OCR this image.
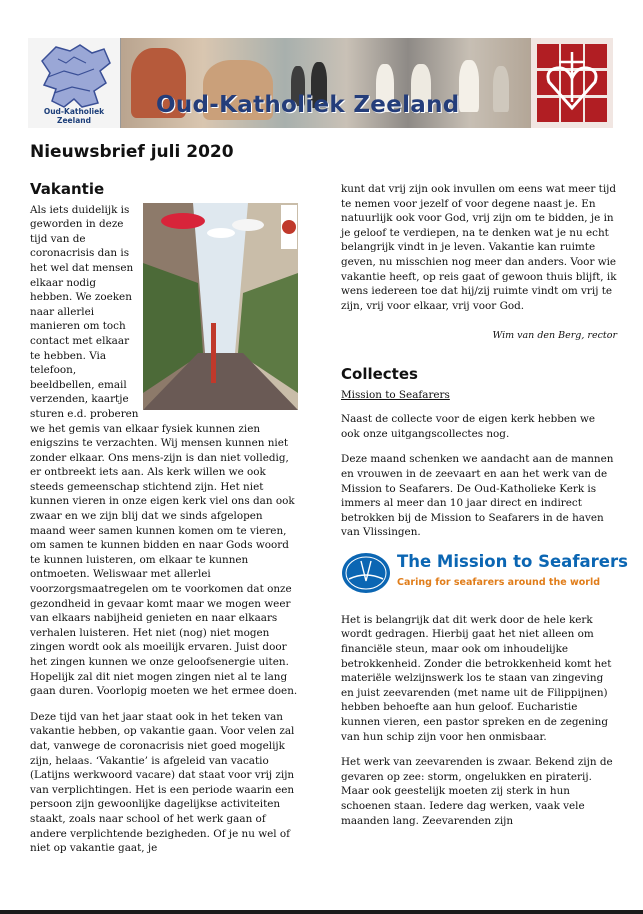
Oud-Katholiek Zeeland
Oud-Katholiek Zeeland
Nieuwsbrief juli 2020
Vakantie

Als iets duidelijk is geworden in deze tijd van de coronacrisis dan is het wel dat mensen elkaar nodig hebben. We zoeken naar allerlei manieren om toch contact met elkaar te hebben. Via telefoon, beeldbellen, email verzenden, kaartje sturen e.d. proberen we het gemis van elkaar fysiek kunnen zien enigszins te verzachten. Wij mensen kunnen niet zonder elkaar. Ons mens-zijn is dan niet volledig, er ontbreekt iets aan. Als kerk willen we ook steeds gemeenschap stichtend zijn. Het niet kunnen vieren in onze eigen kerk viel ons dan ook zwaar en we zijn blij dat we sinds afgelopen maand weer samen kunnen komen om te vieren, om samen te kunnen bidden en naar Gods woord te kunnen luisteren, om elkaar te kunnen ontmoeten. Weliswaar met allerlei voorzorgsmaatregelen om te voorkomen dat onze gezondheid in gevaar komt maar we mogen weer van elkaars nabijheid genieten en naar elkaars verhalen luisteren. Het niet (nog) niet mogen zingen wordt ook als moeilijk ervaren. Juist door het zingen kunnen we onze geloofsenergie uiten. Hopelijk zal dit niet mogen zingen niet al te lang gaan duren. Voorlopig moeten we het ermee doen.

Deze tijd van het jaar staat ook in het teken van vakantie hebben, op vakantie gaan. Voor velen zal dat, vanwege de coronacrisis niet goed mogelijk zijn, helaas. ‘Vakantie’ is afgeleid van vacatio (Latijns werkwoord vacare) dat staat voor vrij zijn van verplichtingen. Het is een periode waarin een persoon zijn gewoonlijke dagelijkse activiteiten staakt, zoals naar school of het werk gaan of andere verplichtende bezigheden. Of je nu wel of niet op vakantie gaat, je

kunt dat vrij zijn ook invullen om eens wat meer tijd te nemen voor jezelf of voor degene naast je. En natuurlijk ook voor God, vrij zijn om te bidden, je in je geloof te verdiepen, na te denken wat je nu echt belangrijk vindt in je leven. Vakantie kan ruimte geven, nu misschien nog meer dan anders. Voor wie vakantie heeft, op reis gaat of gewoon thuis blijft, ik wens iedereen toe dat hij/zij ruimte vindt om vrij te zijn, vrij voor elkaar, vrij voor God.

Wim van den Berg, rector
Collectes
Mission to Seafarers

Naast de collecte voor de eigen kerk hebben we ook onze uitgangscollectes nog.

Deze maand schenken we aandacht aan de mannen en vrouwen in de zeevaart en aan het werk van de Mission to Seafarers. De Oud-Katholieke Kerk is immers al meer dan 10 jaar direct en indirect betrokken bij de Mission to Seafarers in de haven van Vlissingen.

The Mission to Seafarers
Caring for seafarers around the world

Het is belangrijk dat dit werk door de hele kerk wordt gedragen. Hierbij gaat het niet alleen om financiële steun, maar ook om inhoudelijke betrokkenheid. Zonder die betrokkenheid komt het materiële welzijnswerk los te staan van zingeving en juist zeevarenden (met name uit de Filippijnen) hebben behoefte aan hun geloof. Eucharistie kunnen vieren, een pastor spreken en de zegening van hun schip zijn voor hen onmisbaar.

Het werk van zeevarenden is zwaar. Bekend zijn de gevaren op zee: storm, ongelukken en piraterij. Maar ook geestelijk moeten zij sterk in hun schoenen staan. Iedere dag werken, vaak vele maanden lang. Zeevarenden zijn
